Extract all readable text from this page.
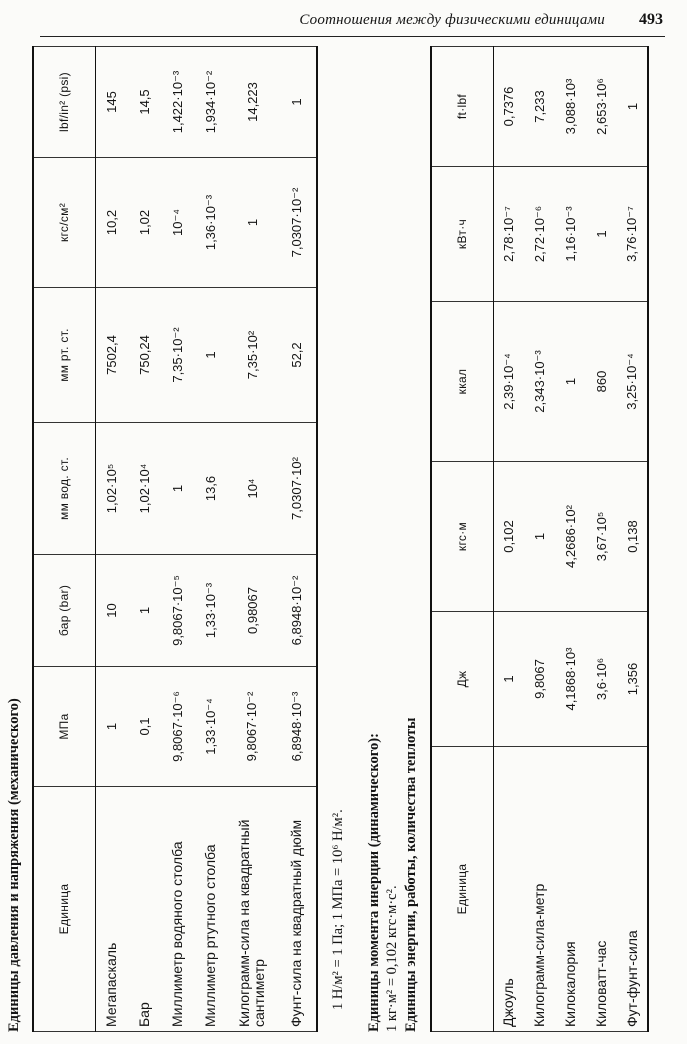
Соотношения между физическими единицами 493
Единицы давления и напряжения (механического)	Единица	МПа	бар (bar)	мм вод. ст.	мм рт. ст.	кгс/см²	lbf/in² (psi)
Мегапаскаль	1	10	1,02·10⁵	7502,4	10,2	145
Бар	0,1	1	1,02·10⁴	750,24	1,02	14,5
Миллиметр водяного столба	9,8067·10⁻⁶	9,8067·10⁻⁵	1	7,35·10⁻²	10⁻⁴	1,422·10⁻³
Миллиметр ртутного столба	1,33·10⁻⁴	1,33·10⁻³	13,6	1	1,36·10⁻³	1,934·10⁻²
Килограмм-сила на квадратный сантиметр	9,8067·10⁻²	0,98067	10⁴	7,35·10²	1	14,223
Фунт-сила на квадратный дюйм	6,8948·10⁻³	6,8948·10⁻²	7,0307·10²	52,2	7,0307·10⁻²	1
1 Н/м² = 1 Па; 1 МПа = 10⁶ Н/м². Единицы момента инерции (динамического): 1 кг·м² = 0,102 кгс·м·с². Единицы энергии, работы, количества теплоты	Единица	Дж	кгс·м	ккал	кВт·ч	ft·lbf
Джоуль	1	0,102	2,39·10⁻⁴	2,78·10⁻⁷	0,7376
Килограмм-сила-метр	9,8067	1	2,343·10⁻³	2,72·10⁻⁶	7,233
Килокалория	4,1868·10³	4,2686·10²	1	1,16·10⁻³	3,088·10³
Киловатт-час	3,6·10⁶	3,67·10⁵	860	1	2,653·10⁶
Фут-фунт-сила	1,356	0,138	3,25·10⁻⁴	3,76·10⁻⁷	1
